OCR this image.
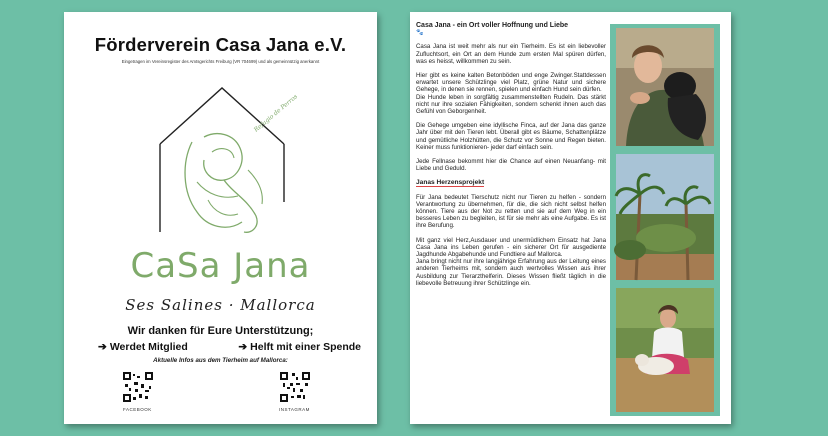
Förderverein Casa Jana e.V.
Eingetragen im Vereinsregister des Amtsgerichts Freiburg (VR 704699) und als gemeinnützig anerkannt
Refugio de Perros
CaSa Jana
Ses Salines · Mallorca
Wir danken für Eure Unterstützung;
➔ Werdet Mitglied	➔ Helft mit einer Spende
Aktuelle Infos aus dem Tierheim auf Mallorca:
FACEBOOK	INSTAGRAM

Casa Jana - ein Ort voller Hoffnung und Liebe
🐾

Casa Jana ist weit mehr als nur ein Tierheim. Es ist ein liebevoller Zufluchtsort, ein Ort an dem Hunde zum ersten Mal spüren dürfen, was es heisst, willkommen zu sein.

Hier gibt es keine kalten Betonböden und enge Zwinger.Stattdessen erwartet unsere Schützlinge viel Platz, grüne Natur und sichere Gehege, in denen sie rennen, spielen und einfach Hund sein dürfen.

Die Hunde leben in sorgfältig zusammenstellten Rudeln. Das stärkt nicht nur ihre sozialen Fähigkeiten, sondern schenkt ihnen auch das Gefühl von Geborgenheit.

Die Gehege umgeben eine idyllische Finca, auf der Jana das ganze Jahr über mit den Tieren lebt. Überall gibt es Bäume, Schattenplätze und gemütliche Holzhütten, die Schutz vor Sonne und Regen bieten. Keiner muss funktionieren- jeder darf einfach sein.

Jede Fellnase bekommt hier die Chance auf einen Neuanfang- mit Liebe und Geduld.

Janas Herzensprojekt

Für Jana bedeutet Tierschutz nicht nur Tieren zu helfen - sondern Verantwortung zu übernehmen, für die, die sich nicht selbst helfen können. Tiere aus der Not zu retten und sie auf dem Weg in ein besseres Leben zu begleiten, ist für sie mehr als eine Aufgabe. Es ist ihre Berufung.

Mit ganz viel Herz,Ausdauer und unermüdlichem Einsatz hat Jana Casa Jana ins Leben gerufen - ein sicherer Ort für ausgediente Jagdhunde Abgabehunde und Fundtiere auf Mallorca.

Jana bringt nicht nur ihre langjährige Erfahrung aus der Leitung eines anderen Tierheims mit, sondern auch wertvolles Wissen aus ihrer Ausbildung zur Tierarzthelferin. Dieses Wissen fließt täglich in die liebevolle Betreuung ihrer Schützlinge ein.
